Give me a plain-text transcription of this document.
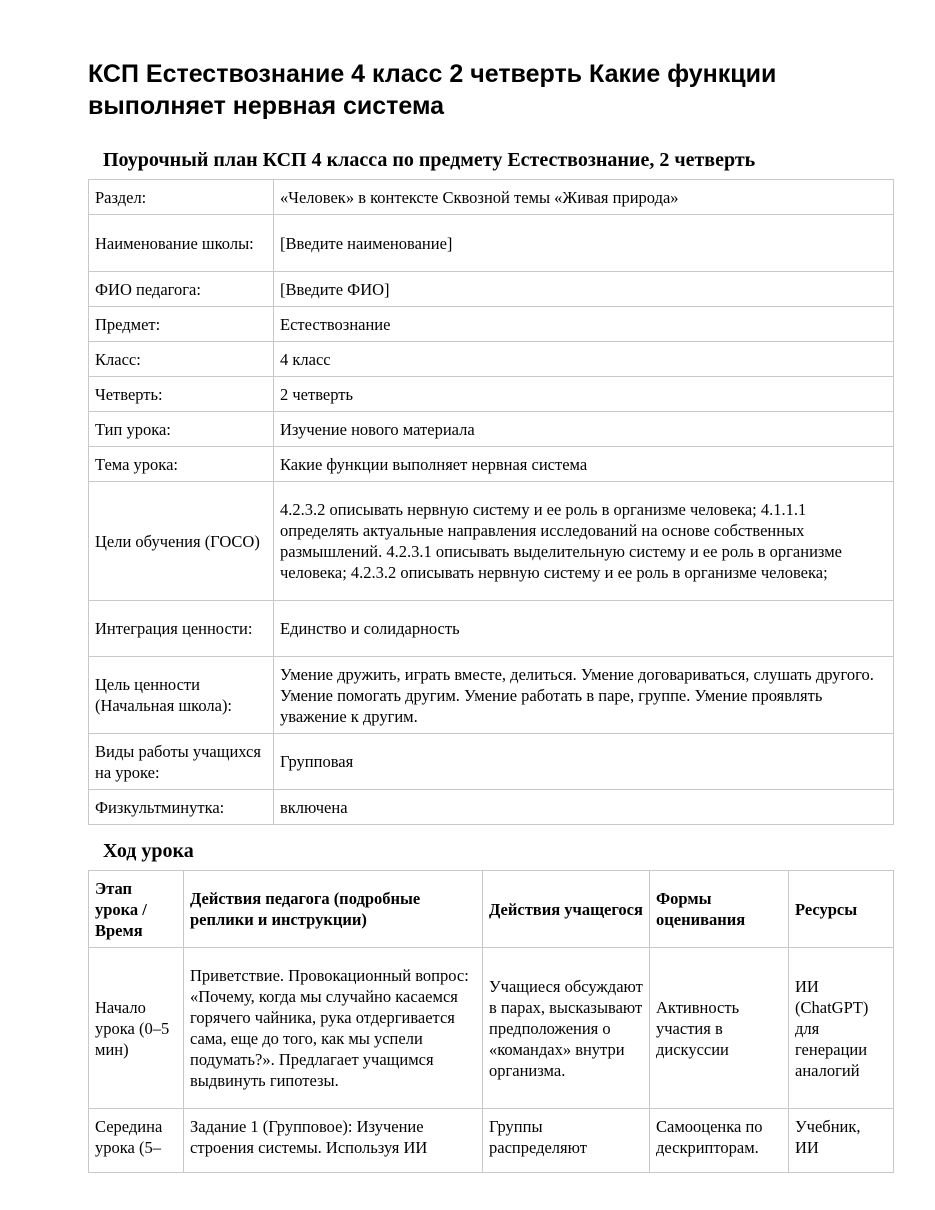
КСП Естествознание 4 класс 2 четверть Какие функции выполняет нервная система
Поурочный план КСП 4 класса по предмету Естествознание, 2 четверть
Раздел:	«Человек» в контексте Сквозной темы «Живая природа»
Наименование школы:	[Введите наименование]
ФИО педагога:	[Введите ФИО]
Предмет:	Естествознание
Класс:	4 класс
Четверть:	2 четверть
Тип урока:	Изучение нового материала
Тема урока:	Какие функции выполняет нервная система
Цели обучения (ГОСО)	4.2.3.2 описывать нервную систему и ее роль в организме человека; 4.1.1.1 определять актуальные направления исследований на основе собственных размышлений. 4.2.3.1 описывать выделительную систему и ее роль в организме человека; 4.2.3.2 описывать нервную систему и ее роль в организме человека;
Интеграция ценности:	Единство и солидарность
Цель ценности (Начальная школа):	Умение дружить, играть вместе, делиться. Умение договариваться, слушать другого. Умение помогать другим. Умение работать в паре, группе. Умение проявлять уважение к другим.
Виды работы учащихся на уроке:	Групповая
Физкультминутка:	включена
Ход урока
Этап урока / Время	Действия педагога (подробные реплики и инструкции)	Действия учащегося	Формы оценивания	Ресурсы
Начало урока (0–5 мин)	Приветствие. Провокационный вопрос: «Почему, когда мы случайно касаемся горячего чайника, рука отдергивается сама, еще до того, как мы успели подумать?». Предлагает учащимся выдвинуть гипотезы.	Учащиеся обсуждают в парах, высказывают предположения о «командах» внутри организма.	Активность участия в дискуссии	ИИ (ChatGPT) для генерации аналогий
Середина урока (5–	Задание 1 (Групповое): Изучение строения системы. Используя ИИ	Группы распределяют	Самооценка по дескрипторам.	Учебник, ИИ
